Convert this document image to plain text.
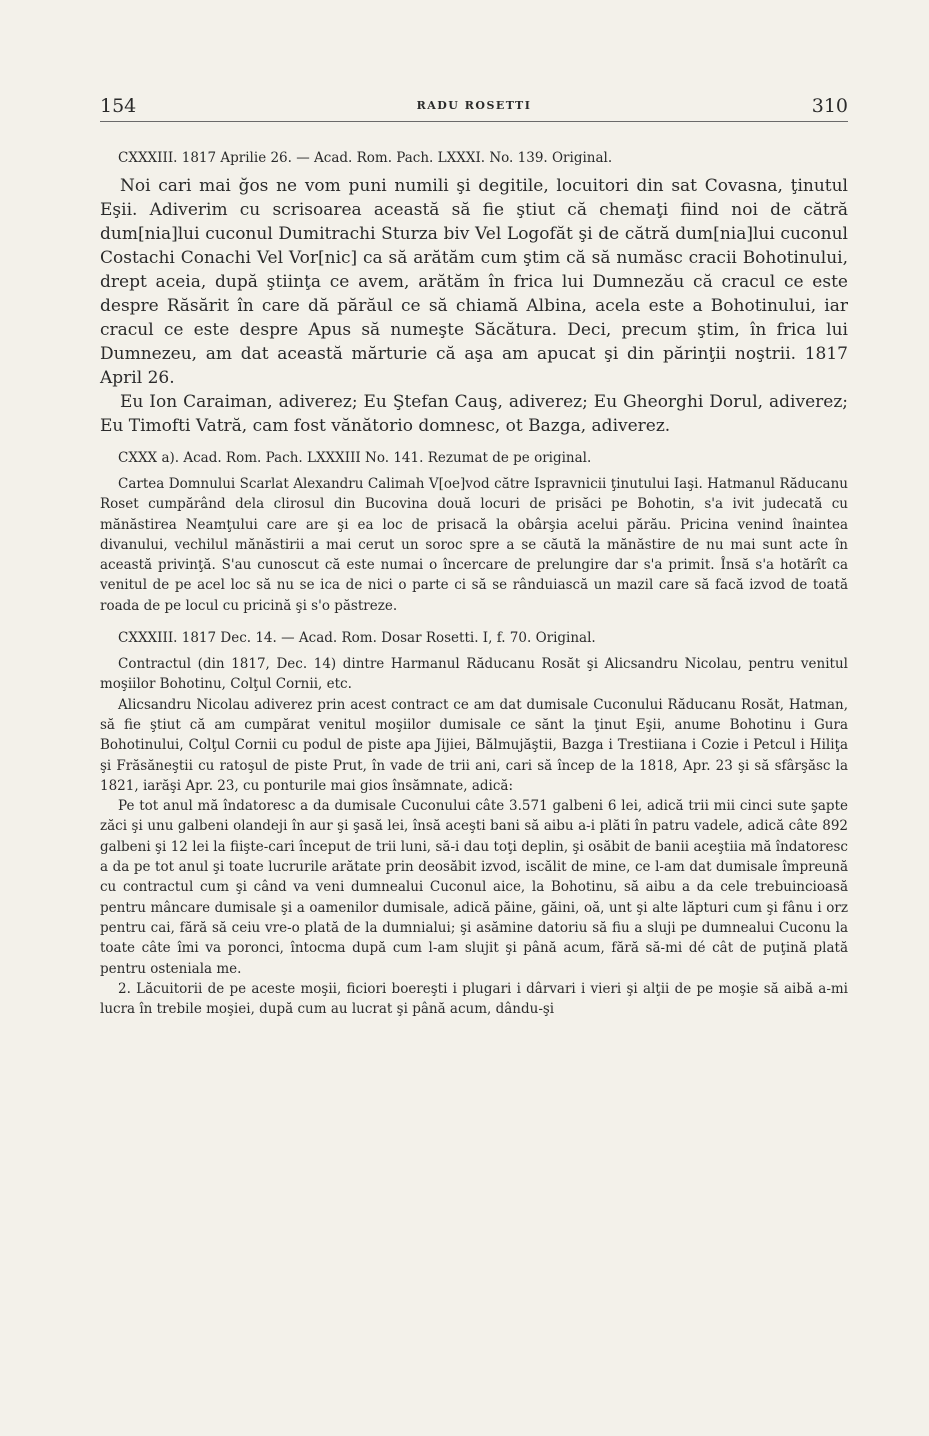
154	RADU ROSETTI	310
CXXXIII. 1817 Aprilie 26. — Acad. Rom. Pach. LXXXI. No. 139. Original.

Noi cari mai ğos ne vom puni numili şi degitile, locuitori din sat Covasna, ţinutul Eşii. Adiverim cu scrisoarea această să fie ştiut că chemaţi fiind noi de cătră dum[nia]lui cuconul Dumitrachi Sturza biv Vel Logofăt şi de cătră dum[nia]lui cuconul Costachi Conachi Vel Vor[nic] ca să arătăm cum ştim că să număsc cracii Bohotinului, drept aceia, după ştiinţa ce avem, arătăm în frica lui Dumnezău că cracul ce este despre Răsărit în care dă părăul ce să chiamă Albina, acela este a Bohotinului, iar cracul ce este despre Apus să numeşte Săcătura. Deci, precum ştim, în frica lui Dumnezeu, am dat această mărturie că aşa am apucat şi din părinţii noştrii. 1817 April 26.

Eu Ion Caraiman, adiverez; Eu Ştefan Cauş, adiverez; Eu Gheorghi Dorul, adiverez; Eu Timofti Vatră, cam fost vănătorio domnesc, ot Bazga, adiverez.

CXXX a). Acad. Rom. Pach. LXXXIII No. 141. Rezumat de pe original.

Cartea Domnului Scarlat Alexandru Calimah V[oe]vod către Ispravnicii ţinutului Iaşi. Hatmanul Răducanu Roset cumpărând dela clirosul din Bucovina două locuri de prisăci pe Bohotin, s'a ivit judecată cu mănăstirea Neamţului care are şi ea loc de prisacă la obârşia acelui părău. Pricina venind înaintea divanului, vechilul mănăstirii a mai cerut un soroc spre a se căută la mănăstire de nu mai sunt acte în această privinţă. S'au cunoscut că este numai o încercare de prelungire dar s'a primit. Însă s'a hotărît ca venitul de pe acel loc să nu se ica de nici o parte ci să se rânduiască un mazil care să facă izvod de toată roada de pe locul cu pricină şi s'o păstreze.

CXXXIII. 1817 Dec. 14. — Acad. Rom. Dosar Rosetti. I, f. 70. Original.

Contractul (din 1817, Dec. 14) dintre Harmanul Răducanu Rosăt şi Alicsandru Nicolau, pentru venitul moşiilor Bohotinu, Colţul Cornii, etc.

Alicsandru Nicolau adiverez prin acest contract ce am dat dumisale Cuconului Răducanu Rosăt, Hatman, să fie ştiut că am cumpărat venitul moşiilor dumisale ce sănt la ţinut Eşii, anume Bohotinu i Gura Bohotinului, Colţul Cornii cu podul de piste apa Jijiei, Bălmujăştii, Bazga i Trestiiana i Cozie i Petcul i Hiliţa şi Frăsăneştii cu ratoşul de piste Prut, în vade de trii ani, cari să încep de la 1818, Apr. 23 şi să sfârşăsc la 1821, iarăşi Apr. 23, cu ponturile mai gios însămnate, adică:

Pe tot anul mă îndatoresc a da dumisale Cuconului câte 3.571 galbeni 6 lei, adică trii mii cinci sute şapte zăci şi unu galbeni olandeji în aur şi şasă lei, însă aceşti bani să aibu a-i plăti în patru vadele, adică câte 892 galbeni şi 12 lei la fiişte-cari început de trii luni, să-i dau toţi deplin, şi osăbit de banii aceştiia mă îndatoresc a da pe tot anul şi toate lucrurile arătate prin deosăbit izvod, iscălit de mine, ce l-am dat dumisale împreună cu contractul cum şi când va veni dumnealui Cuconul aice, la Bohotinu, să aibu a da cele trebuincioasă pentru mâncare dumisale şi a oamenilor dumisale, adică păine, găini, oă, unt şi alte lăpturi cum şi fânu i orz pentru cai, fără să ceiu vre-o plată de la dumnialui; şi asămine datoriu să fiu a sluji pe dumnealui Cuconu la toate câte îmi va poronci, întocma după cum l-am slujit şi până acum, fără să-mi dé cât de puţină plată pentru osteniala me.

2. Lăcuitorii de pe aceste moşii, ficiori boereşti i plugari i dârvari i vieri şi alţii de pe moşie să aibă a-mi lucra în trebile moşiei, după cum au lucrat şi până acum, dându-şi
